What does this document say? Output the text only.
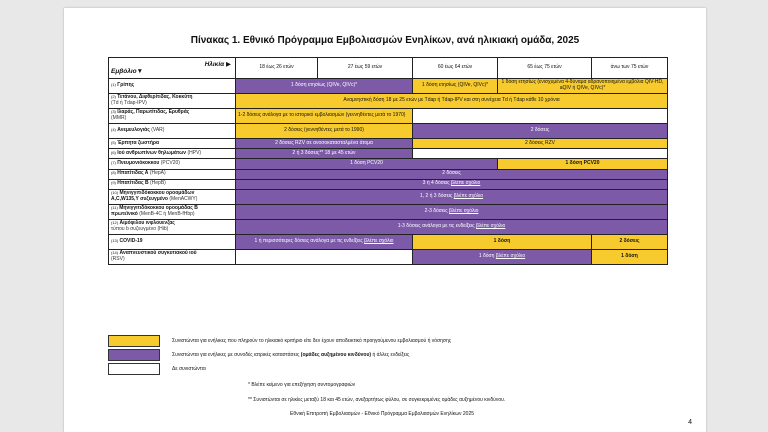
Πίνακας 1. Εθνικό Πρόγραμμα Εμβολιασμών Ενηλίκων, ανά ηλικιακή ομάδα, 2025
Ηλικία ▶
Εμβόλιο▼	18 έως 26 ετών	27 έως 59 ετών	60 έως 64 ετών	65 έως 75 ετών	άνω των 75 ετών
$^{(1)}$ Γρίπης	1 δόση ετησίως (QIVe, QIVc)*		1 δόση ετησίως (QIVe, QIVc)*	1 δόση ετησίως (ενισχυμένα 4-δύναμα αδρανοποιημένα εμβόλια QIV-HD, aQIV ή QIVe, QIVc)*	
$^{(2)}$ Τετάνου, Διφθερίτιδας, Κοκκύτη
(Td ή Tdap-IPV)	Αναμνηστική δόση 18 με 25 ετών με Tdap ή Tdap-IPV και στη συνέχεια Td ή Tdap κάθε 10 χρόνια				
$^{(3)}$ Ιλαράς, Παρωτίτιδας, Ερυθράς
(MMR)	1-2 δόσεις ανάλογα με το ιστορικό εμβολιασμών (γεννηθέντες μετά το 1970)				
$^{(4)}$ Ανεμευλογιάς (VAR)	2 δόσεις (γεννηθέντες μετά το 1990)		2 δόσεις		
$^{(5)}$ Έρπητα ζωστήρα	2 δόσεις RZV σε ανοσοκατασταλμένα άτομα		2 δόσεις RZV		
$^{(6)}$ Ιού ανθρωπίνων θηλωμάτων (HPV)	2 ή 3 δόσεις** 18 με 45 ετών				
$^{(7)}$ Πνευμονιόκοκκου (PCV20)	1 δόση PCV20			1 δόση PCV20	
$^{(8)}$ Ηπατίτιδας Α (HepA)	2 δόσεις				
$^{(9)}$ Ηπατίτιδας Β (HepB)	3 ή 4 δόσεις βλέπε σχόλιο				
$^{(10)}$ Μηνιγγιτιδόκοκκου οροομάδων
A,C,W135,Y συζευγμένο (MenACWY)	1, 2 ή 3 δόσεις βλέπε σχόλιο				
$^{(11)}$ Μηνιγγιτιδόκοκκου οροομάδας Β
πρωτεϊνικό (MenB-4C ή MenB-fHbp)	2-3 δόσεις βλέπε σχόλιο				
$^{(12)}$ Αιμόφιλου ινφλουενζας
τύπου b συζευγμένο (Hib)	1-3 δόσεις ανάλογα με τις ενδείξεις βλέπε σχόλιο				
$^{(13)}$ COVID-19	1 ή περισσότερες δόσεις ανάλογα με τις ενδείξεις βλέπε σχόλιο		1 δόση		2 δόσεις
$^{(14)}$ Αναπνευστικού συγκυτιακού ιού
(RSV)			1 δόση βλέπε σχόλιο		1 δόση
Συνιστώνται για ενήλικες που πληρούν το ηλικιακό κριτήριο είτε δεν έχουν αποδεικτικό προηγούμενου εμβολιασμού ή νόσησης
Συνιστώνται για ενήλικες με συνοδές ιατρικές καταστάσεις (ομάδες αυξημένου κινδύνου) ή άλλες ενδείξεις
Δε συνιστώνται
* Βλέπε κείμενο για επεξήγηση συντομογραφιών
** Συνιστώνται σε ηλικίες μεταξύ 18 και 45 ετών, ανεξαρτήτως φύλου, σε συγκεκριμένες ομάδες αυξημένου κινδύνου.
Εθνική Επιτροπή Εμβολιασμών - Εθνικό Πρόγραμμα Εμβολιασμών Ενηλίκων 2025
4
